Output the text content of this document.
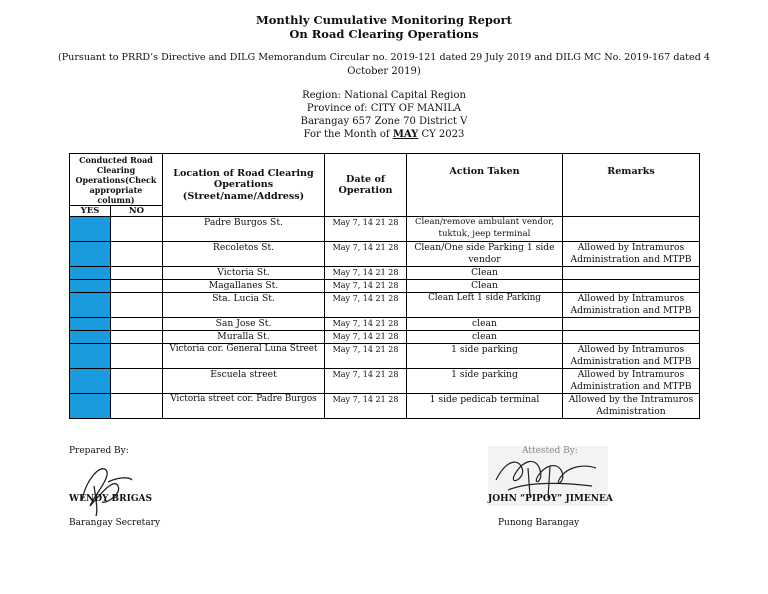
Monthly Cumulative Monitoring Report
On Road Clearing Operations
(Pursuant to PRRD’s Directive and DILG Memorandum Circular no. 2019-121 dated 29 July 2019 and DILG MC No. 2019-167 dated 4
October 2019)
Region: National Capital Region
Province of: CITY OF MANILA
Barangay 657 Zone 70 District V
For the Month of MAY CY 2023
Conducted Road Clearing Operations(Check appropriate column)		Location of Road Clearing Operations (Street/name/Address)	Date of Operation	Action Taken	Remarks
YES	NO				
		Padre Burgos St.	May 7, 14 21 28	Clean/remove ambulant vendor, tuktuk, jeep terminal	
		Recoletos St.	May 7, 14 21 28	Clean/One side Parking 1 side vendor	Allowed by Intramuros Administration and MTPB
		Victoria St.	May 7, 14 21 28	Clean	
		Magallanes St.	May 7, 14 21 28	Clean	
		Sta. Lucia St.	May 7, 14 21 28	Clean Left 1 side Parking	Allowed by Intramuros Administration and MTPB
		San Jose St.	May 7, 14 21 28	clean	
		Muralla St.	May 7, 14 21 28	clean	
		Victoria cor. General Luna Street	May 7, 14 21 28	1 side parking	Allowed by Intramuros Administration and MTPB
		Escuela street	May 7, 14 21 28	1 side parking	Allowed by Intramuros Administration and MTPB
		Victoria street cor. Padre Burgos	May 7, 14 21 28	1 side pedicab terminal	Allowed by the Intramuros Administration
Prepared By:
WENDY BRIGAS
Barangay Secretary
JOHN “PIPOY” JIMENEA
Punong Barangay
